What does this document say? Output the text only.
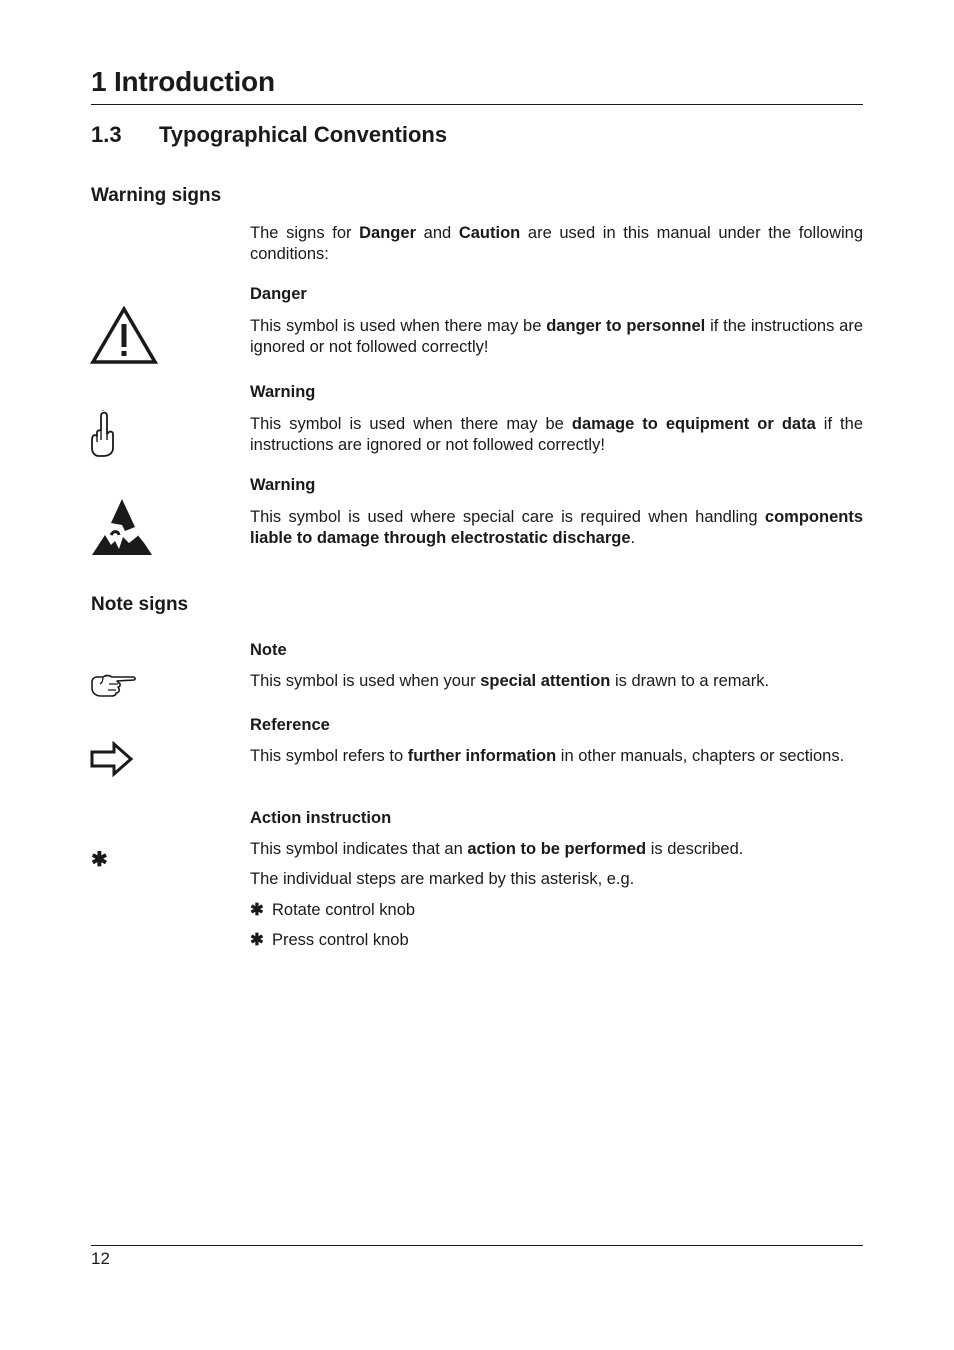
1 Introduction
1.3 Typographical Conventions
Warning signs
The signs for Danger and Caution are used in this manual under the following conditions:
Danger
This symbol is used when there may be danger to personnel if the instructions are ignored or not followed correctly!
Warning
This symbol is used when there may be damage to equipment or data if the instructions are ignored or not followed correctly!
Warning
This symbol is used where special care is required when handling components liable to damage through electrostatic discharge.
Note signs
Note
This symbol is used when your special attention is drawn to a remark.
Reference
This symbol refers to further information in other manuals, chapters or sections.
Action instruction
✱	This symbol indicates that an action to be performed is described.
The individual steps are marked by this asterisk, e.g.
✱ Rotate control knob
✱ Press control knob
12
